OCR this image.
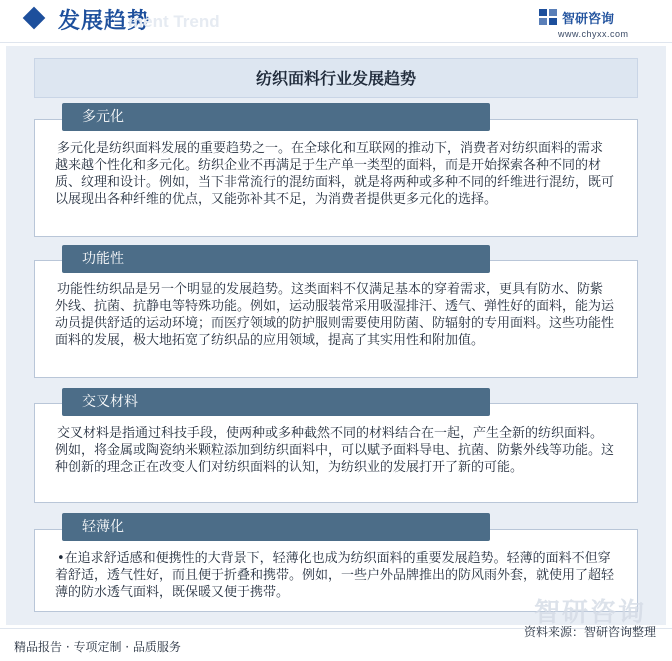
发展趋势
ment Trend	智研咨询
www.chyxx.com
纺织面料行业发展趋势
多元化是纺织面料发展的重要趋势之一。在全球化和互联网的推动下，消费者对纺织面料的需求越来越个性化和多元化。纺织企业不再满足于生产单一类型的面料，而是开始探索各种不同的材质、纹理和设计。例如，当下非常流行的混纺面料，就是将两种或多种不同的纤维进行混纺，既可以展现出各种纤维的优点，又能弥补其不足，为消费者提供更多元化的选择。
多元化
功能性纺织品是另一个明显的发展趋势。这类面料不仅满足基本的穿着需求，更具有防水、防紫外线、抗菌、抗静电等特殊功能。例如，运动服装常采用吸湿排汗、透气、弹性好的面料，能为运动员提供舒适的运动环境；而医疗领域的防护服则需要使用防菌、防辐射的专用面料。这些功能性面料的发展，极大地拓宽了纺织品的应用领域，提高了其实用性和附加值。
功能性
交叉材料是指通过科技手段，使两种或多种截然不同的材料结合在一起，产生全新的纺织面料。例如，将金属或陶瓷纳米颗粒添加到纺织面料中，可以赋予面料导电、抗菌、防紫外线等功能。这种创新的理念正在改变人们对纺织面料的认知，为纺织业的发展打开了新的可能。
交叉材料
•在追求舒适感和便携性的大背景下，轻薄化也成为纺织面料的重要发展趋势。轻薄的面料不但穿着舒适，透气性好，而且便于折叠和携带。例如，一些户外品牌推出的防风雨外套，就使用了超轻薄的防水透气面料，既保暖又便于携带。
轻薄化
智研咨询
精品报告 · 专项定制 · 品质服务
资料来源：智研咨询整理
